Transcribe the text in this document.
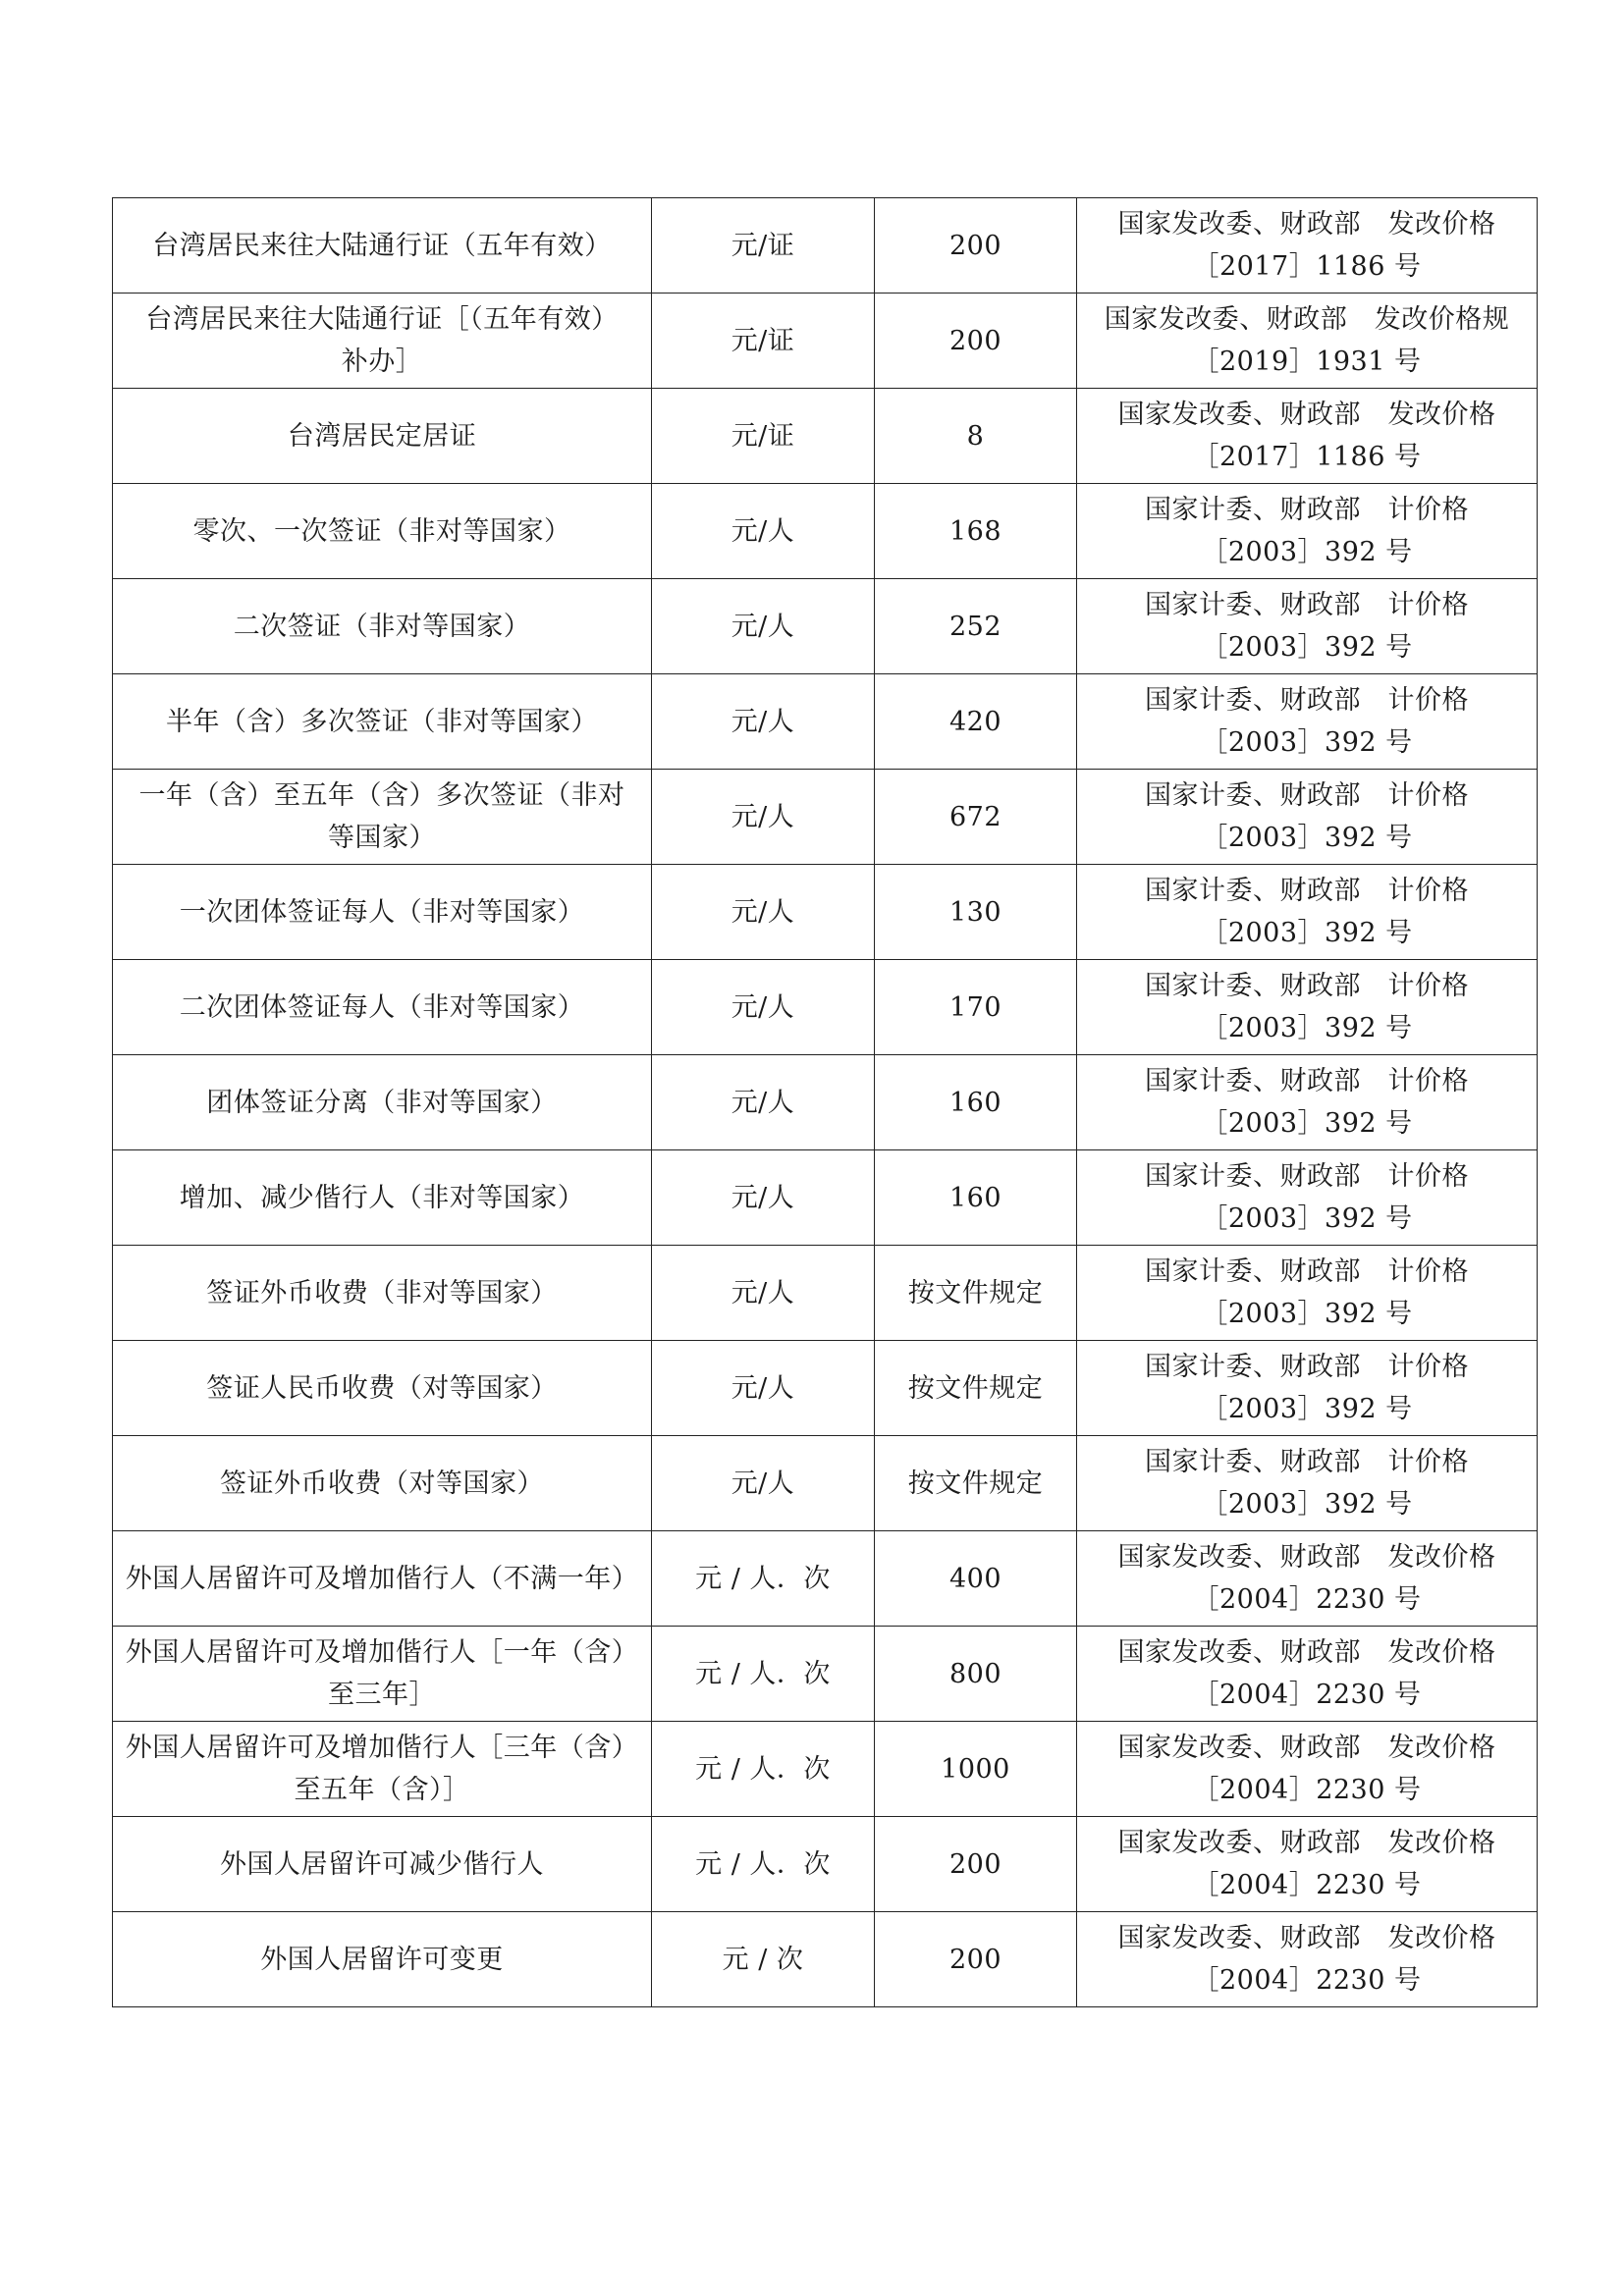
台湾居民来往大陆通行证（五年有效）	元/证	200	国家发改委、财政部　发改价格
［2017］1186 号

台湾居民来往大陆通行证［（五年有效）
补办］	元/证	200	国家发改委、财政部　发改价格规
［2019］1931 号

台湾居民定居证	元/证	8	国家发改委、财政部　发改价格
［2017］1186 号

零次、一次签证（非对等国家）	元/人	168	国家计委、财政部　计价格
［2003］392 号

二次签证（非对等国家）	元/人	252	国家计委、财政部　计价格
［2003］392 号

半年（含）多次签证（非对等国家）	元/人	420	国家计委、财政部　计价格
［2003］392 号

一年（含）至五年（含）多次签证（非对
等国家）	元/人	672	国家计委、财政部　计价格
［2003］392 号

一次团体签证每人（非对等国家）	元/人	130	国家计委、财政部　计价格
［2003］392 号

二次团体签证每人（非对等国家）	元/人	170	国家计委、财政部　计价格
［2003］392 号

团体签证分离（非对等国家）	元/人	160	国家计委、财政部　计价格
［2003］392 号

增加、减少偕行人（非对等国家）	元/人	160	国家计委、财政部　计价格
［2003］392 号

签证外币收费（非对等国家）	元/人	按文件规定	国家计委、财政部　计价格
［2003］392 号

签证人民币收费（对等国家）	元/人	按文件规定	国家计委、财政部　计价格
［2003］392 号

签证外币收费（对等国家）	元/人	按文件规定	国家计委、财政部　计价格
［2003］392 号

外国人居留许可及增加偕行人（不满一年）	元 / 人．次	400	国家发改委、财政部　发改价格
［2004］2230 号

外国人居留许可及增加偕行人［一年（含）
至三年］	元 / 人．次	800	国家发改委、财政部　发改价格
［2004］2230 号

外国人居留许可及增加偕行人［三年（含）
至五年（含）］	元 / 人．次	1000	国家发改委、财政部　发改价格
［2004］2230 号

外国人居留许可减少偕行人	元 / 人．次	200	国家发改委、财政部　发改价格
［2004］2230 号

外国人居留许可变更	元 / 次	200	国家发改委、财政部　发改价格
［2004］2230 号
